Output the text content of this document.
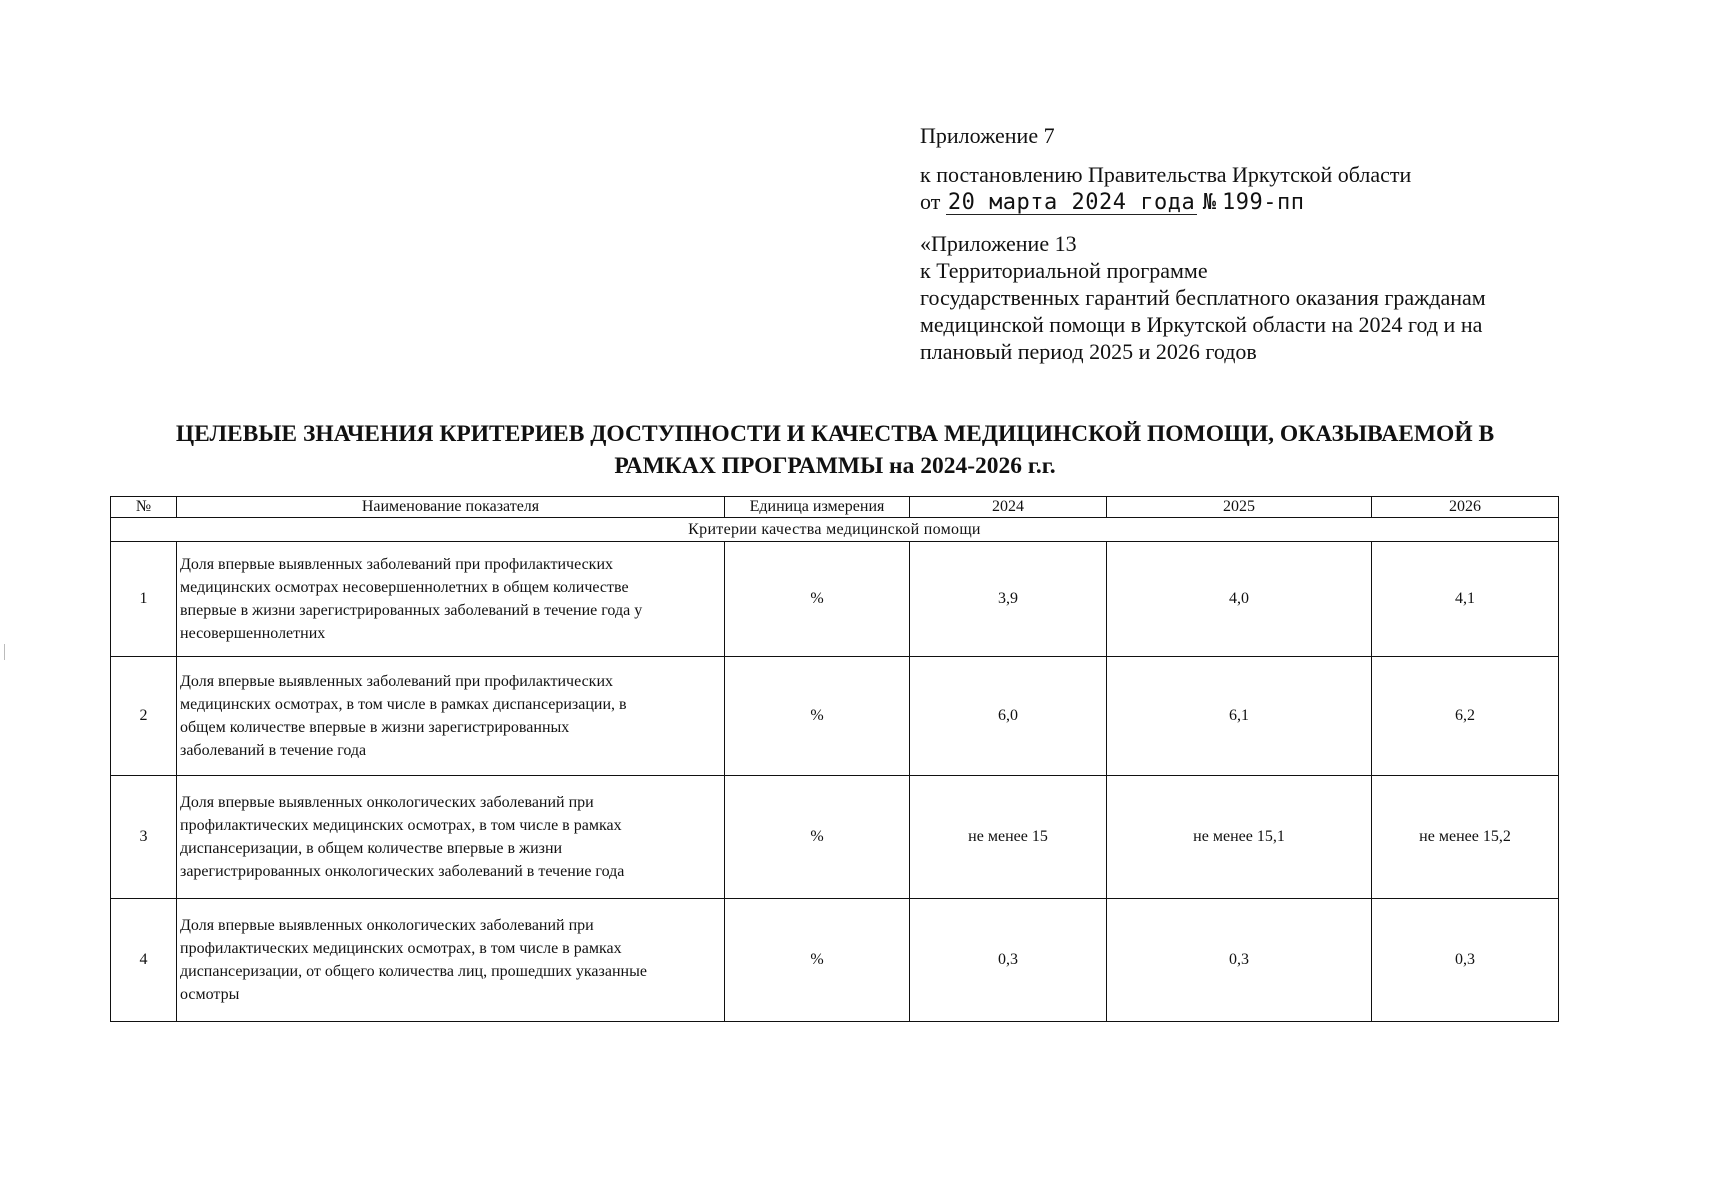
Приложение 7
к постановлению Правительства Иркутской области
от 20 марта 2024 года № 199-пп
«Приложение 13
к Территориальной программе
государственных гарантий бесплатного оказания гражданам
медицинской помощи в Иркутской области на 2024 год и на
плановый период 2025 и 2026 годов
ЦЕЛЕВЫЕ ЗНАЧЕНИЯ КРИТЕРИЕВ ДОСТУПНОСТИ И КАЧЕСТВА МЕДИЦИНСКОЙ ПОМОЩИ, ОКАЗЫВАЕМОЙ В
РАМКАХ ПРОГРАММЫ на 2024-2026 г.г.
№	Наименование показателя	Единица измерения	2024	2025	2026
Критерии качества медицинской помощи					
1	Доля впервые выявленных заболеваний при профилактических
медицинских осмотрах несовершеннолетних в общем количестве
впервые в жизни зарегистрированных заболеваний в течение года у
несовершеннолетних	%	3,9	4,0	4,1
2	Доля впервые выявленных заболеваний при профилактических
медицинских осмотрах, в том числе в рамках диспансеризации, в
общем количестве впервые в жизни зарегистрированных
заболеваний в течение года	%	6,0	6,1	6,2
3	Доля впервые выявленных онкологических заболеваний при
профилактических медицинских осмотрах, в том числе в рамках
диспансеризации, в общем количестве впервые в жизни
зарегистрированных онкологических заболеваний в течение года	%	не менее 15	не менее 15,1	не менее 15,2
4	Доля впервые выявленных онкологических заболеваний при
профилактических медицинских осмотрах, в том числе в рамках
диспансеризации, от общего количества лиц, прошедших указанные
осмотры	%	0,3	0,3	0,3
